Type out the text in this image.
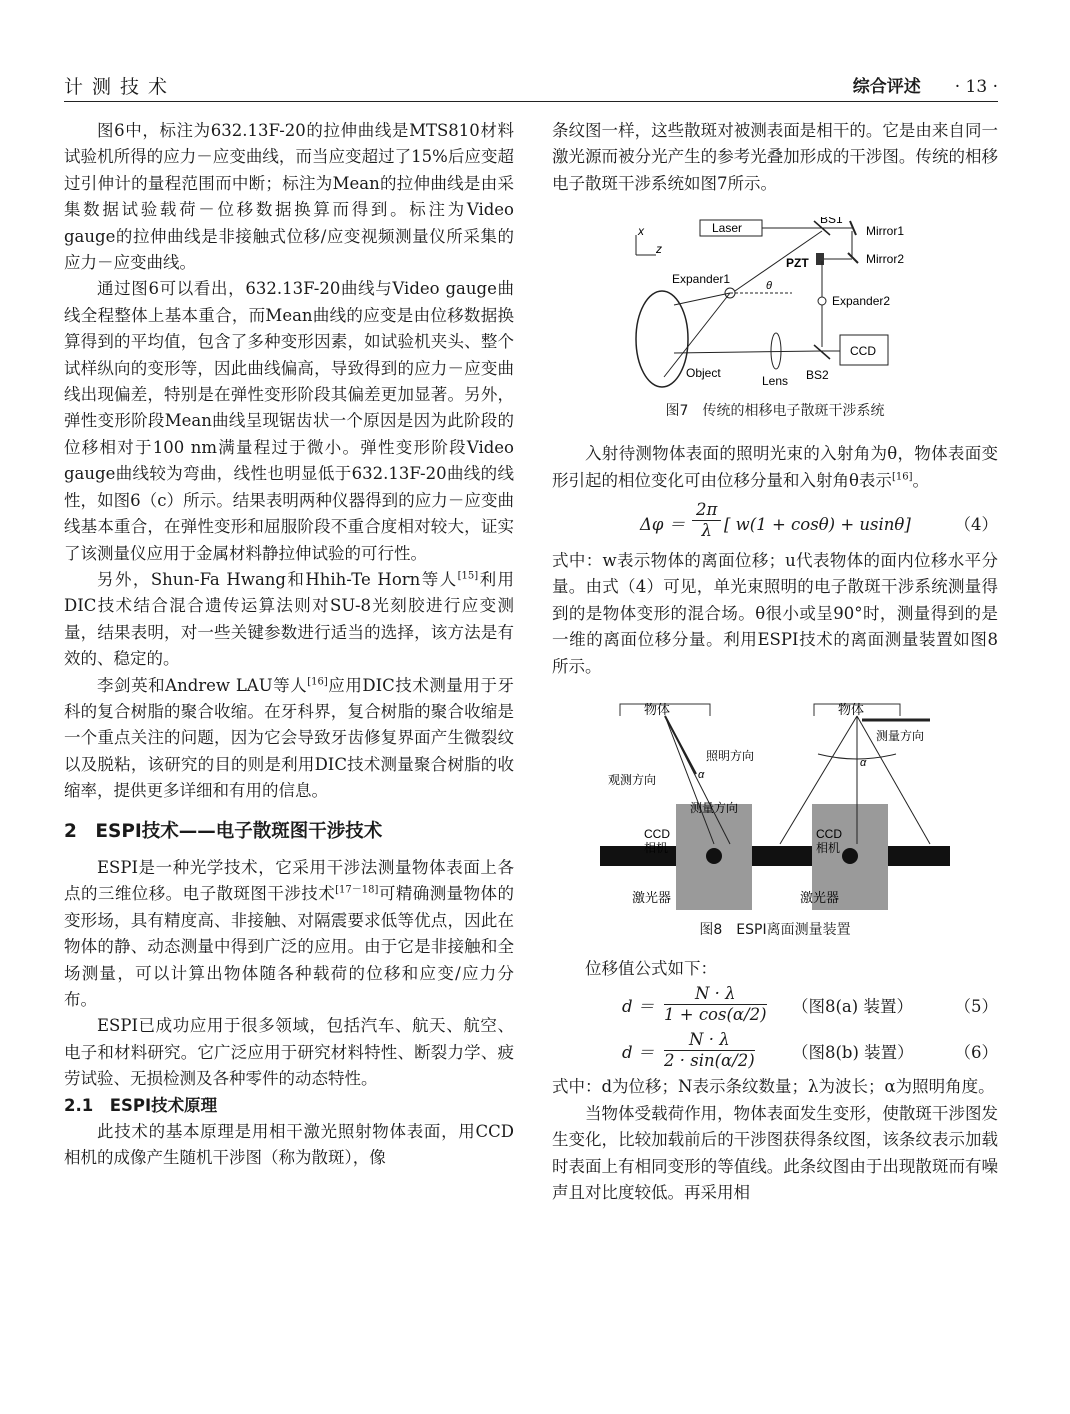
计测技术	综合评述 · 13 ·

图6中，标注为632.13F-20的拉伸曲线是MTS810材料试验机所得的应力－应变曲线，而当应变超过了15%后应变超过引伸计的量程范围而中断；标注为Mean的拉伸曲线是由采集数据试验载荷－位移数据换算而得到。标注为Video gauge的拉伸曲线是非接触式位移/应变视频测量仪所采集的应力－应变曲线。

通过图6可以看出，632.13F-20曲线与Video gauge曲线全程整体上基本重合，而Mean曲线的应变是由位移数据换算得到的平均值，包含了多种变形因素，如试验机夹头、整个试样纵向的变形等，因此曲线偏高，导致得到的应力－应变曲线出现偏差，特别是在弹性变形阶段其偏差更加显著。另外，弹性变形阶段Mean曲线呈现锯齿状一个原因是因为此阶段的位移相对于100 nm满量程过于微小。弹性变形阶段Video gauge曲线较为弯曲，线性也明显低于632.13F-20曲线的线性，如图6（c）所示。结果表明两种仪器得到的应力－应变曲线基本重合，在弹性变形和屈服阶段不重合度相对较大，证实了该测量仪应用于金属材料静拉伸试验的可行性。

另外，Shun-Fa Hwang和Hhih-Te Horn等人[15]利用DIC技术结合混合遗传运算法则对SU-8光刻胶进行应变测量，结果表明，对一些关键参数进行适当的选择，该方法是有效的、稳定的。

李剑英和Andrew LAU等人[16]应用DIC技术测量用于牙科的复合树脂的聚合收缩。在牙科界，复合树脂的聚合收缩是一个重点关注的问题，因为它会导致牙齿修复界面产生微裂纹以及脱粘，该研究的目的则是利用DIC技术测量聚合树脂的收缩率，提供更多详细和有用的信息。

2　ESPI技术——电子散斑图干涉技术

ESPI是一种光学技术，它采用干涉法测量物体表面上各点的三维位移。电子散斑图干涉技术[17－18]可精确测量物体的变形场，具有精度高、非接触、对隔震要求低等优点，因此在物体的静、动态测量中得到广泛的应用。由于它是非接触和全场测量，可以计算出物体随各种载荷的位移和应变/应力分布。

ESPI已成功应用于很多领域，包括汽车、航天、航空、电子和材料研究。它广泛应用于研究材料特性、断裂力学、疲劳试验、无损检测及各种零件的动态特性。

2.1　ESPI技术原理

此技术的基本原理是用相干激光照射物体表面，用CCD相机的成像产生随机干涉图（称为散斑），像

条纹图一样，这些散斑对被测表面是相干的。它是由来自同一激光源而被分光产生的参考光叠加形成的干涉图。传统的相移电子散斑干涉系统如图7所示。

x
z
Laser
BS1
Mirror1
Mirror2
PZT
Expander2
Expander1	θ
Object
Lens BS2
CCD
图7　传统的相移电子散斑干涉系统

入射待测物体表面的照明光束的入射角为θ，物体表面变形引起的相位变化可由位移分量和入射角θ表示[16]。

$\Delta\varphi = \frac{2\pi}{\lambda}$ [ w(1 + cosθ) + usinθ]	（4）

式中：w表示物体的离面位移；u代表物体的面内位移水平分量。由式（4）可见，单光束照明的电子散斑干涉系统测量得到的是物体变形的混合场。θ很小或呈90°时，测量得到的是一维的离面位移分量。利用ESPI技术的离面测量装置如图8所示。

物体	物体
照明方向
观测方向	α
测量方向
测量方向
α
CCD 相机
CCD 相机
激光器	激光器
图8　ESPI离面测量装置

位移值公式如下：

$d = \frac{N \cdot \lambda}{1 + \cos(\alpha/2)}$ （图8(a) 装置）	（5）
$d = \frac{N \cdot \lambda}{2 \cdot \sin(\alpha/2)}$ （图8(b) 装置） （6）

式中：d为位移；N表示条纹数量；λ为波长；α为照明角度。

当物体受载荷作用，物体表面发生变形，使散斑干涉图发生变化，比较加载前后的干涉图获得条纹图，该条纹表示加载时表面上有相同变形的等值线。此条纹图由于出现散斑而有噪声且对比度较低。再采用相
